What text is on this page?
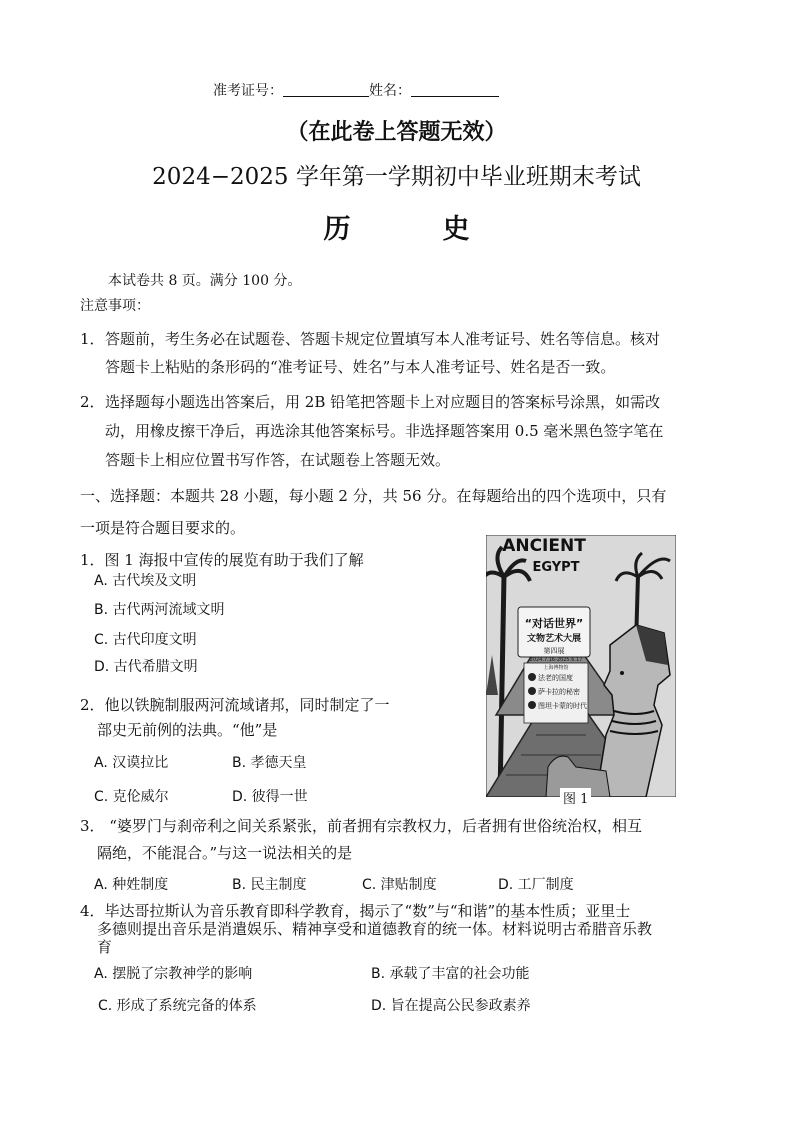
准考证号：	姓名：
（在此卷上答题无效）
2024−2025 学年第一学期初中毕业班期末考试
历史
本试卷共 8 页。满分 100 分。
注意事项：
1． 答题前，考生务必在试题卷、答题卡规定位置填写本人准考证号、姓名等信息。核对
答题卡上粘贴的条形码的“准考证号、姓名”与本人准考证号、姓名是否一致。
2． 选择题每小题选出答案后，用 2B 铅笔把答题卡上对应题目的答案标号涂黑，如需改
动，用橡皮擦干净后，再选涂其他答案标号。非选择题答案用 0.5 毫米黑色签字笔在
答题卡上相应位置书写作答，在试题卷上答题无效。
一、选择题：本题共 28 小题，每小题 2 分，共 56 分。在每题给出的四个选项中，只有
一项是符合题目要求的。
1．图 1 海报中宣传的展览有助于我们了解
A. 古代埃及文明
B. 古代两河流域文明
C. 古代印度文明
D. 古代希腊文明
2．他以铁腕制服两河流域诸邦，同时制定了一
部史无前例的法典。“他”是
A. 汉谟拉比	B. 孝德天皇
C. 克伦威尔	D. 彼得一世
ANCIENT
EGYPT
“对话世界”
文物艺术大展
第四展
2024.7.16-2025.6.17
上海博物馆
法老的国度
萨卡拉的秘密
图坦卡蒙的时代
图 1
3． “婆罗门与刹帝利之间关系紧张，前者拥有宗教权力，后者拥有世俗统治权，相互
隔绝，不能混合。”与这一说法相关的是
A. 种姓制度	B. 民主制度	C. 津贴制度	D. 工厂制度
4．毕达哥拉斯认为音乐教育即科学教育，揭示了“数”与“和谐”的基本性质；亚里士
多德则提出音乐是消遣娱乐、精神享受和道德教育的统一体。材料说明古希腊音乐教
育
A. 摆脱了宗教神学的影响	B. 承载了丰富的社会功能
C. 形成了系统完备的体系	D. 旨在提高公民参政素养
